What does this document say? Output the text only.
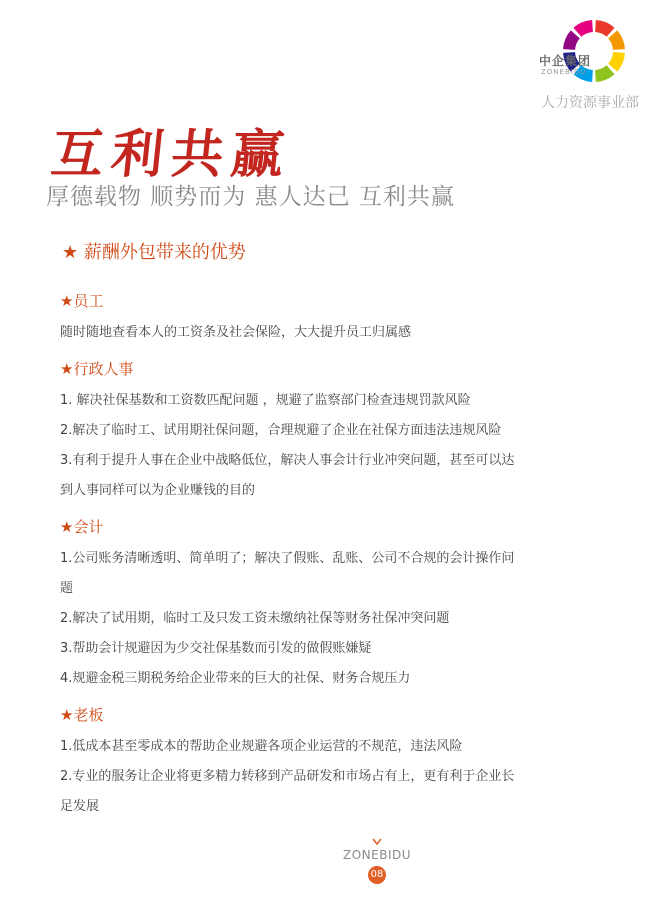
中企集团
ZONEBIDU
人力资源事业部
互利共赢
厚德载物 顺势而为 惠人达己 互利共赢
★ 薪酬外包带来的优势
★员工
随时随地查看本人的工资条及社会保险，大大提升员工归属感
★行政人事
1. 解决社保基数和工资数匹配问题 ，规避了监察部门检查违规罚款风险
2.解决了临时工、试用期社保问题，合理规避了企业在社保方面违法违规风险
3.有利于提升人事在企业中战略低位，解决人事会计行业冲突问题，甚至可以达
到人事同样可以为企业赚钱的目的
★会计
1.公司账务清晰透明、简单明了；解决了假账、乱账、公司不合规的会计操作问
题
2.解决了试用期，临时工及只发工资未缴纳社保等财务社保冲突问题
3.帮助会计规避因为少交社保基数而引发的做假账嫌疑
4.规避金税三期税务给企业带来的巨大的社保、财务合规压力
★老板
1.低成本甚至零成本的帮助企业规避各项企业运营的不规范，违法风险
2.专业的服务让企业将更多精力转移到产品研发和市场占有上，更有利于企业长
足发展
ZONEBIDU
08
